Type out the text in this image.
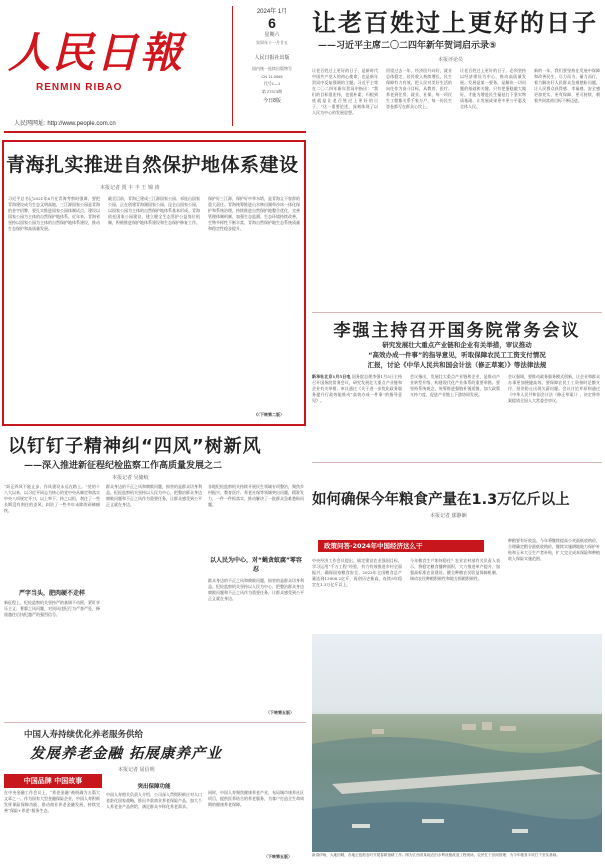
人民日報
RENMIN RIBAO
人民网网址: http://www.people.com.cn
2024年 1月
6
星期六
癸卯年十一月廿五
人民日报社出版
国内统一连续出版物号
CN 11-0065
代号1—1
第 27373期
今日8版
让老百姓过上更好的日子
——习近平主席二〇二四年新年贺词启示录⑤
本报评论员
让老百姓过上更好的日子，是新时代中国共产党人的初心使命，也是新年贺词中反复强调的主题。习近平主席在二〇二四年新年贺词中指出：“我们的目标很宏伟，也很朴素，归根到底就是让老百姓过上更好的日子。”这一重要论述，深刻体现了以人民为中心的发展思想。
回望过去一年，经济回升向好，就业总体稳定，居民收入持续增长，民生保障有力有效。把人民对美好生活的向往作为奋斗目标，从教育、医疗、养老到住房、就业、社保，每一项民生工程都关系千家万户，每一份民生答卷都写在群众心坎上。
让老百姓过上更好的日子，必须坚持以经济建设为中心，推动高质量发展。发展是第一要务，是解决一切问题的基础和关键。只有把蛋糕做大做好，才能为增进民生福祉打下坚实物质基础，让发展成果更多更公平惠及全体人民。
新的一年，我们要坚持在发展中保障和改善民生，尽力而为、量力而行，着力解决好人民群众急难愁盼问题，让人民群众获得感、幸福感、安全感更加充实、更有保障、更可持续，朝着共同富裕目标不断迈进。
青海扎实推进自然保护地体系建设
本报记者 贾 丰 丰 王 锦 涛
习近平总书记2021年6月在青海考察时强调，要把青海建设成为生态文明高地，三江源国家公园是青海的金字招牌，要扎实推进国家公园体制试点，建设以国家公园为主体的自然保护地体系。近年来，青海省坚持以国家公园为主体的自然保护地体系建设，推动生态保护和高质量发展。
截至目前，青海已建成三江源国家公园、祁连山国家公园，正在创建青海湖国家公园、昆仑山国家公园，以国家公园为主体的自然保护地体系基本形成。青海依托国家公园建设，建立健全生态管护公益岗位机制，积极推进保护地体系建设和生态保护修复工作。
保护好三江源，保护好中华水塔，是青海义不容辞的重大责任。青海统筹推进山水林田湖草沙冰一体化保护和系统治理，持续推进自然保护地整合优化，完善管理体制机制，加强生态监测。生态环境持续改善，生物多样性不断丰富，青海自然保护地生态系统质量和稳定性稳步提升。
《（下转第二版）
李强主持召开国务院常务会议
研究发展壮大重点产业链和企业有关举措，审议推动
“高效办成一件事”的指导意见，听取保障农民工工资支付情况
汇报，讨论《中华人民共和国会计法（修正草案）》等法律法规
新华社北京1月5日电 国务院总理李强1月5日主持召开国务院常务会议，研究发展壮大重点产业链和企业有关举措，审议通过《关于进一步优化政务服务提升行政效能推动“高效办成一件事”的指导意见》。
会议指出，发展壮大重点产业链和企业，是推动产业转型升级、构建现代化产业体系的重要举措。要坚持系统观念，统筹推进强链补链延链，加大政策支持力度，促进产业链上下游协同发展。
会议强调，要推动政务服务模式创新，让企业和群众办事更加便捷高效。要保障农民工工资按时足额支付，坚决防止出现欠薪问题。会议讨论并原则通过《中华人民共和国会计法（修正草案）》，决定将草案提请全国人大常委会审议。
以钉钉子精神纠“四风”树新风
——深入推进新征程纪检监察工作高质量发展之二
本报记者 吴储岐
“纠正四风不能止步，作风建设永远在路上。”党的十八大以来，以习近平同志为核心的党中央从制定和落实中央八项规定开刀，以上率下、持之以恒，刹住了一些长期没有刹住的歪风，纠治了一些多年未除的顽瘴痼疾。
严字当头，肥肉硬不走样
新征程上，纪检监察机关坚持严的基调不动摇，紧盯享乐主义、奢靡之风问题，对顶风违纪行为严查严处，释放越往后执纪越严的强烈信号。
群众身边的不正之风和腐败问题，损害的是群众切身利益。纪检监察机关坚持以人民为中心，把整治群众身边腐败问题和不正之风作为重要任务，让群众感受到公平正义就在身边。
各地纪检监察机关持续开展民生领域专项整治，聚焦乡村振兴、教育医疗、养老社保等领域突出问题，精准发力，一件一件抓落实，推动解决了一批群众急难愁盼问题。
以人民为中心，对“蝇贪蚁腐”零容忍
群众身边的不正之风和腐败问题，损害的是群众切身利益。纪检监察机关坚持以人民为中心，把整治群众身边腐败问题和不正之风作为重要任务，让群众感受到公平正义就在身边。
（下转第五版）
如何确保今年粮食产量在1.3万亿斤以上
本报记者 郁静娴
政策问答·2024年中国经济这么干
中央经济工作会议提出，锚定建设农业强国目标，学习运用“千万工程”经验，有力有效推进乡村全面振兴，确保国家粮食安全。2023年全国粮食总产量达到13908.2亿斤，再创历史新高，连续9年稳定在1.3万亿斤以上。
今年粮食生产如何稳住？农业农村部有关负责人表示，将稳定粮食播种面积，大力推进单产提升，加强高标准农田建设，健全种粮农民收益保障机制，调动农民种粮积极性和地方抓粮积极性。
种粮要有好收益。今年将继续提高小麦最低收购价，合理确定稻谷最低收购价，继续实施耕地地力保护补贴和玉米大豆生产者补贴，扩大完全成本保险和种植收入保险实施范围。
新春伊始，大地回暖，各地正抢抓农时开展春耕备耕工作。图为江西省某地农田水利设施改造工程现场，农民忙于田间管理，为今年粮食丰收打下坚实基础。
中国人寿持续优化养老服务供给
发展养老金融 拓展康养产业
本报记者 屈信明
中国品牌 中国故事
在中央金融工作会议上，“养老金融”被明确为五篇大文章之一。作为国有大型金融保险企业，中国人寿积极发挥保险保障功能，推动商业养老金融发展，持续完善“保险+养老”服务生态。
突出保障功能
中国人寿相关负责人介绍，公司深入贯彻积极应对人口老龄化国家战略，推出多款商业养老保险产品，加大个人养老金产品供给，满足群众多样化养老需求。
同时，中国人寿聚焦健康养老产业，布局城市康养社区项目，提供医养结合的养老服务，为客户打造全生命周期的健康养老保障。
（下转第五版）
